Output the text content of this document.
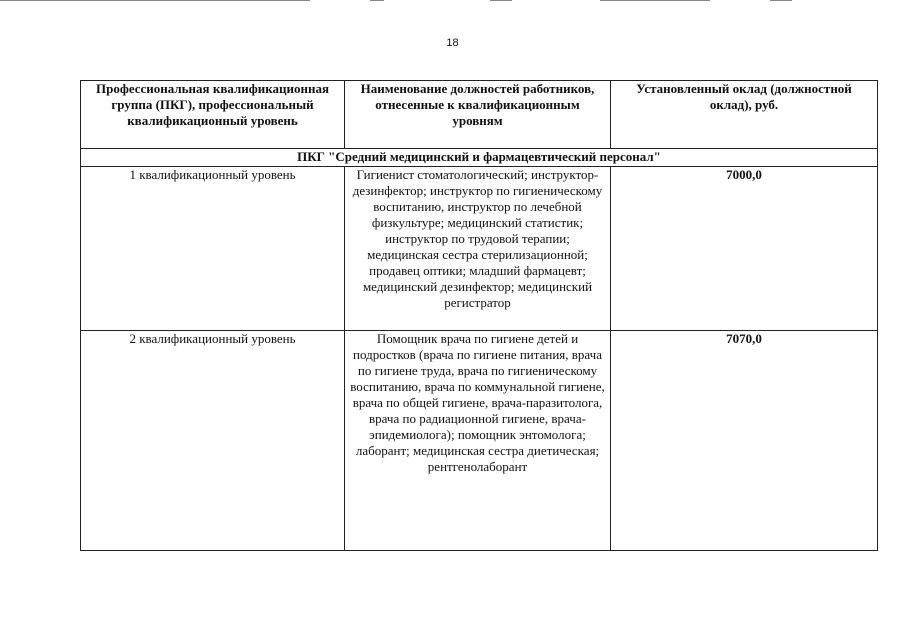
18
Профессиональная квалификационная группа (ПКГ), профессиональный квалификационный уровень	Наименование должностей работников, отнесенные к квалификационным уровням	Установленный оклад (должностной оклад), руб.
ПКГ "Средний медицинский и фармацевтический персонал"		
1 квалификационный уровень	Гигиенист стоматологический; инструктор-дезинфектор; инструктор по гигиеническому воспитанию, инструктор по лечебной физкультуре; медицинский статистик; инструктор по трудовой терапии; медицинская сестра стерилизационной; продавец оптики; младший фармацевт; медицинский дезинфектор; медицинский регистратор	7000,0
2 квалификационный уровень	Помощник врача по гигиене детей и подростков (врача по гигиене питания, врача по гигиене труда, врача по гигиеническому воспитанию, врача по коммунальной гигиене, врача по общей гигиене, врача-паразитолога, врача по радиационной гигиене, врача-эпидемиолога); помощник энтомолога; лаборант; медицинская сестра диетическая; рентгенолаборант	7070,0
